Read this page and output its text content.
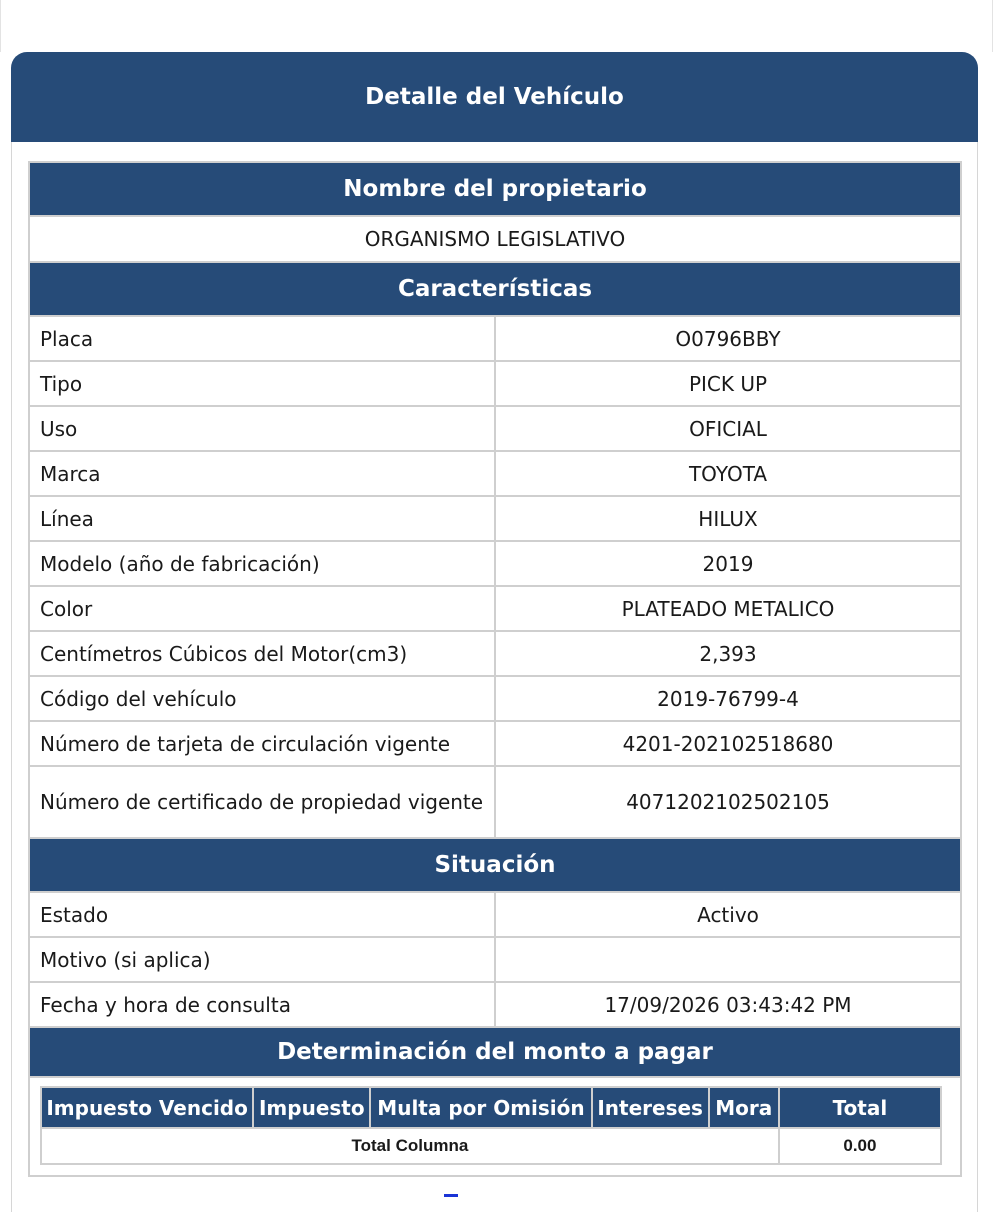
Detalle del Vehículo
Nombre del propietario
ORGANISMO LEGISLATIVO
Características
Placa	O0796BBY
Tipo	PICK UP
Uso	OFICIAL
Marca	TOYOTA
Línea	HILUX
Modelo (año de fabricación)	2019
Color	PLATEADO METALICO
Centímetros Cúbicos del Motor(cm3)	2,393
Código del vehículo	2019-76799-4
Número de tarjeta de circulación vigente	4201-202102518680
Número de certificado de propiedad vigente	4071202102502105
Situación
Estado	Activo
Motivo (si aplica)	
Fecha y hora de consulta	17/09/2026 03:43:42 PM
Determinación del monto a pagar

Impuesto Vencido	Impuesto	Multa por Omisión	Intereses	Mora	Total
Total Columna	0.00
